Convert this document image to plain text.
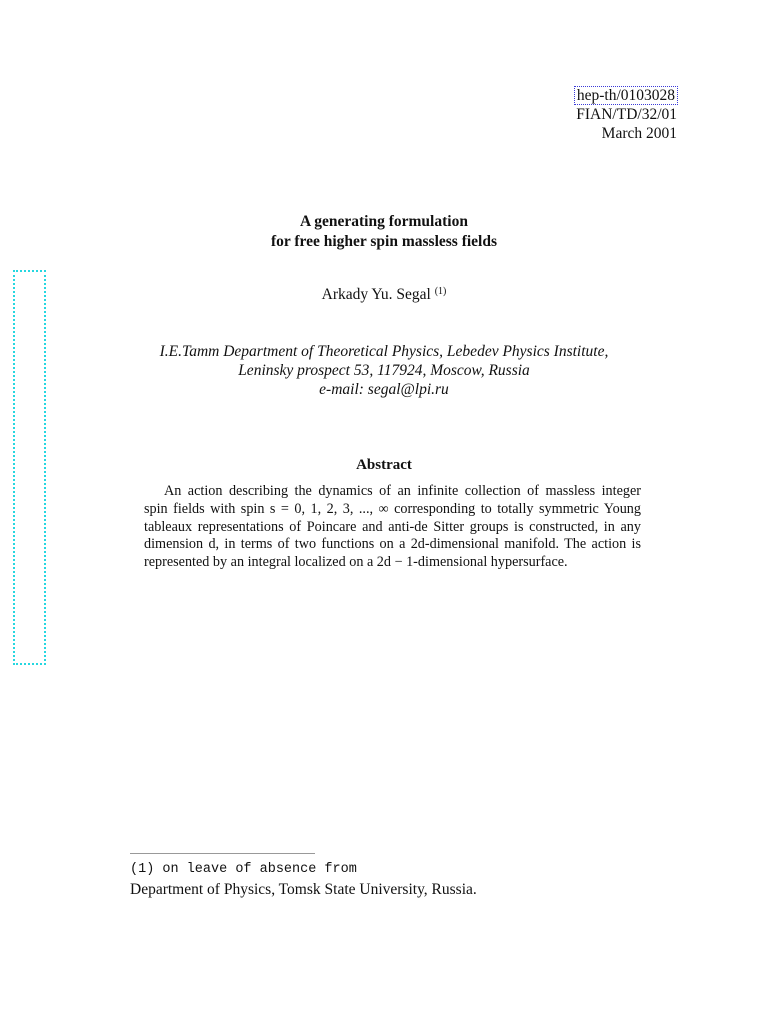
hep-th/0103028
FIAN/TD/32/01
March 2001
A generating formulation
for free higher spin massless fields
Arkady Yu. Segal $^{(1)}$
I.E.Tamm Department of Theoretical Physics, Lebedev Physics Institute,
Leninsky prospect 53, 117924, Moscow, Russia
e-mail: segal@lpi.ru
Abstract
An action describing the dynamics of an infinite collection of massless integer
spin fields with spin s = 0, 1, 2, 3, ..., ∞ corresponding to totally symmetric Young
tableaux representations of Poincare and anti-de Sitter groups is constructed, in any
dimension d, in terms of two functions on a 2d-dimensional manifold. The action is
represented by an integral localized on a 2d − 1-dimensional hypersurface.
(1) on leave of absence from
Department of Physics, Tomsk State University, Russia.
